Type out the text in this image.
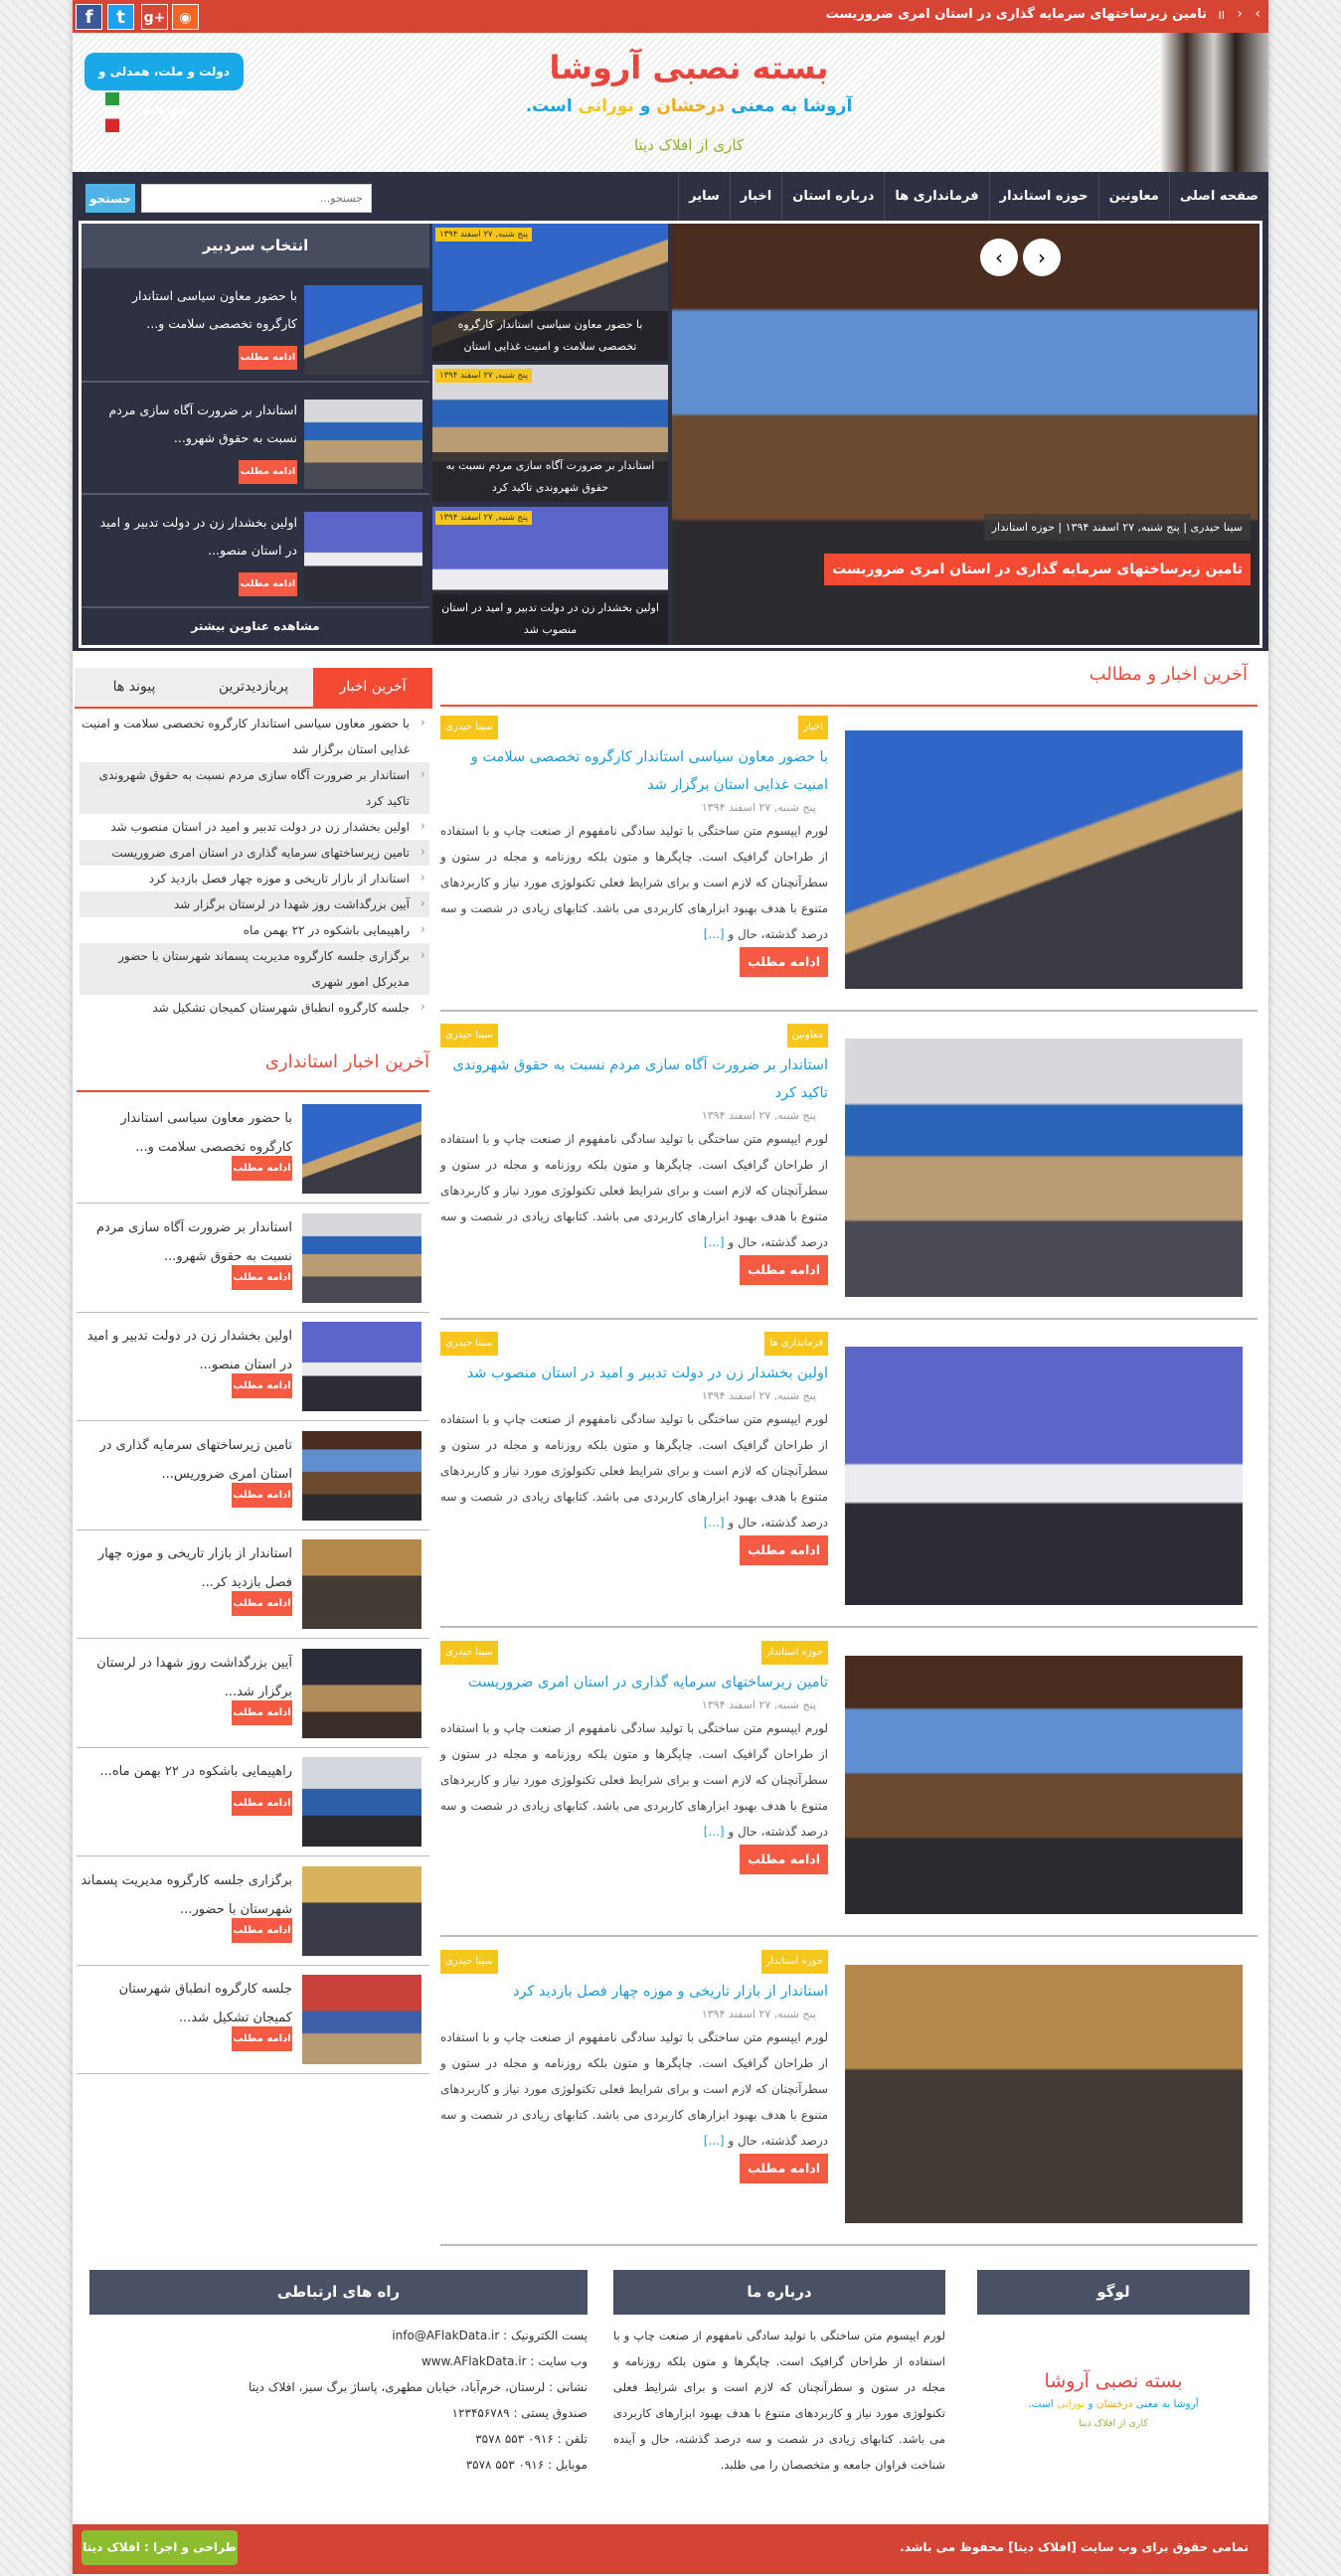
f	t	g+	◉	‹
›
II
تامین زیرساختهای سرمایه گذاری در استان امری ضروریست
دولت و ملت، همدلی و هم‌زبانی
بسته نصبی آروشا
آروشا به معنی درخشان و نورانی است.
کاری از افلاک دیتا
صفحه اصلی
معاونین
حوزه استاندار
فرمانداری ها
درباره استان
اخبار
سایر
جستجو...
جستجو
‹	›
سینا حیدری | پنج شنبه, ۲۷ اسفند ۱۳۹۴ | حوزه استاندار
تامین زیرساختهای سرمایه گذاری در استان امری ضروریست
انتخاب سردبیر
با حضور معاون سیاسی استاندار کارگروه تخصصی سلامت و...
ادامه مطلب
استاندار بر ضرورت آگاه سازی مردم نسبت به حقوق شهرو...
ادامه مطلب
اولین بخشدار زن در دولت تدبیر و امید در استان منصو...
ادامه مطلب
مشاهده عناوین بیشتر
آخرین اخبار
پربازدیدترین
پیوند ها
‹
با حضور معاون سیاسی استاندار کارگروه تخصصی سلامت و امنیت غذایی استان برگزار شد
‹
استاندار بر ضرورت آگاه سازی مردم نسبت به حقوق شهروندی تاکید کرد
‹
اولین بخشدار زن در دولت تدبیر و امید در استان منصوب شد
‹
تامین زیرساختهای سرمایه گذاری در استان امری ضروریست
‹
استاندار از بازار تاریخی و موزه چهار فصل بازدید کرد
‹
آیین بزرگداشت روز شهدا در لرستان برگزار شد
‹
راهپیمایی باشکوه در ۲۲ بهمن ماه
‹
برگزاری جلسه کارگروه مدیریت پسماند شهرستان با حضور مدیرکل امور شهری
‹
جلسه کارگروه انطباق شهرستان کمیجان تشکیل شد
آخرین اخبار استانداری
آخرین اخبار و مطالب
لوگو
درباره ما
راه های ارتباطی
بسته نصبی آروشا
آروشا به معنی درخشان و نورانی است.
کاری از افلاک دیتا
لورم ایپسوم متن ساختگی با تولید سادگی نامفهوم از صنعت چاپ و با استفاده از طراحان گرافیک است. چاپگرها و متون بلکه روزنامه و مجله در ستون و سطرآنچنان که لازم است و برای شرایط فعلی تکنولوژی مورد نیاز و کاربردهای متنوع با هدف بهبود ابزارهای کاربردی می باشد. کتابهای زیادی در شصت و سه درصد گذشته، حال و آینده شناخت فراوان جامعه و متخصصان را می طلبد.
پست الکترونیک : info@AFlakData.ir
وب سایت : www.AFlakData.ir
نشانی : لرستان، خرم‌آباد، خیابان مطهری، پاساژ برگ سبز، افلاک دیتا
صندوق پستی : ۱۲۳۴۵۶۷۸۹
تلفن : ۰۹۱۶ ۵۵۳ ۳۵۷۸
موبایل : ۰۹۱۶ ۵۵۳ ۳۵۷۸
تمامی حقوق برای وب سایت [افلاک دیتا] محفوظ می باشد.
طراحی و اجرا : افلاک دیتا
پنج شنبه, ۲۷ اسفند ۱۳۹۴
با حضور معاون سیاسی استاندار کارگروه تخصصی سلامت و امنیت غذایی استان
پنج شنبه, ۲۷ اسفند ۱۳۹۴
استاندار بر ضرورت آگاه سازی مردم نسبت به حقوق شهروندی تاکید کرد
پنج شنبه, ۲۷ اسفند ۱۳۹۴
اولین بخشدار زن در دولت تدبیر و امید در استان منصوب شد
با حضور معاون سیاسی استاندار کارگروه تخصصی سلامت و...
ادامه مطلب
استاندار بر ضرورت آگاه سازی مردم نسبت به حقوق شهرو...
ادامه مطلب
اولین بخشدار زن در دولت تدبیر و امید در استان منصو...
ادامه مطلب
تامین زیرساختهای سرمایه گذاری در استان امری ضروریس...
ادامه مطلب
استاندار از بازار تاریخی و موزه چهار فصل بازدید کر...
ادامه مطلب
آیین بزرگداشت روز شهدا در لرستان برگزار شد...
ادامه مطلب
راهپیمایی باشکوه در ۲۲ بهمن ماه...
ادامه مطلب
برگزاری جلسه کارگروه مدیریت پسماند شهرستان با حضور...
ادامه مطلب
جلسه کارگروه انطباق شهرستان کمیجان تشکیل شد...
ادامه مطلب
اخبار
سینا حیدری
با حضور معاون سیاسی استاندار کارگروه تخصصی سلامت و امنیت غذایی استان برگزار شد
پنج شنبه, ۲۷ اسفند ۱۳۹۴
لورم ایپسوم متن ساختگی با تولید سادگی نامفهوم از صنعت چاپ و با استفاده از طراحان گرافیک است. چاپگرها و متون بلکه روزنامه و مجله در ستون و سطرآنچنان که لازم است و برای شرایط فعلی تکنولوژی مورد نیاز و کاربردهای متنوع با هدف بهبود ابزارهای کاربردی می باشد. کتابهای زیادی در شصت و سه درصد گذشته، حال و [...]
ادامه مطلب
معاونین
سینا حیدری
استاندار بر ضرورت آگاه سازی مردم نسبت به حقوق شهروندی تاکید کرد
پنج شنبه, ۲۷ اسفند ۱۳۹۴
لورم ایپسوم متن ساختگی با تولید سادگی نامفهوم از صنعت چاپ و با استفاده از طراحان گرافیک است. چاپگرها و متون بلکه روزنامه و مجله در ستون و سطرآنچنان که لازم است و برای شرایط فعلی تکنولوژی مورد نیاز و کاربردهای متنوع با هدف بهبود ابزارهای کاربردی می باشد. کتابهای زیادی در شصت و سه درصد گذشته، حال و [...]
ادامه مطلب
فرمانداری ها
سینا حیدری
اولین بخشدار زن در دولت تدبیر و امید در استان منصوب شد
پنج شنبه, ۲۷ اسفند ۱۳۹۴
لورم ایپسوم متن ساختگی با تولید سادگی نامفهوم از صنعت چاپ و با استفاده از طراحان گرافیک است. چاپگرها و متون بلکه روزنامه و مجله در ستون و سطرآنچنان که لازم است و برای شرایط فعلی تکنولوژی مورد نیاز و کاربردهای متنوع با هدف بهبود ابزارهای کاربردی می باشد. کتابهای زیادی در شصت و سه درصد گذشته، حال و [...]
ادامه مطلب
حوزه استاندار
سینا حیدری
تامین زیرساختهای سرمایه گذاری در استان امری ضروریست
پنج شنبه, ۲۷ اسفند ۱۳۹۴
لورم ایپسوم متن ساختگی با تولید سادگی نامفهوم از صنعت چاپ و با استفاده از طراحان گرافیک است. چاپگرها و متون بلکه روزنامه و مجله در ستون و سطرآنچنان که لازم است و برای شرایط فعلی تکنولوژی مورد نیاز و کاربردهای متنوع با هدف بهبود ابزارهای کاربردی می باشد. کتابهای زیادی در شصت و سه درصد گذشته، حال و [...]
ادامه مطلب
حوزه استاندار
سینا حیدری
استاندار از بازار تاریخی و موزه چهار فصل بازدید کرد
پنج شنبه, ۲۷ اسفند ۱۳۹۴
لورم ایپسوم متن ساختگی با تولید سادگی نامفهوم از صنعت چاپ و با استفاده از طراحان گرافیک است. چاپگرها و متون بلکه روزنامه و مجله در ستون و سطرآنچنان که لازم است و برای شرایط فعلی تکنولوژی مورد نیاز و کاربردهای متنوع با هدف بهبود ابزارهای کاربردی می باشد. کتابهای زیادی در شصت و سه درصد گذشته، حال و [...]
ادامه مطلب
